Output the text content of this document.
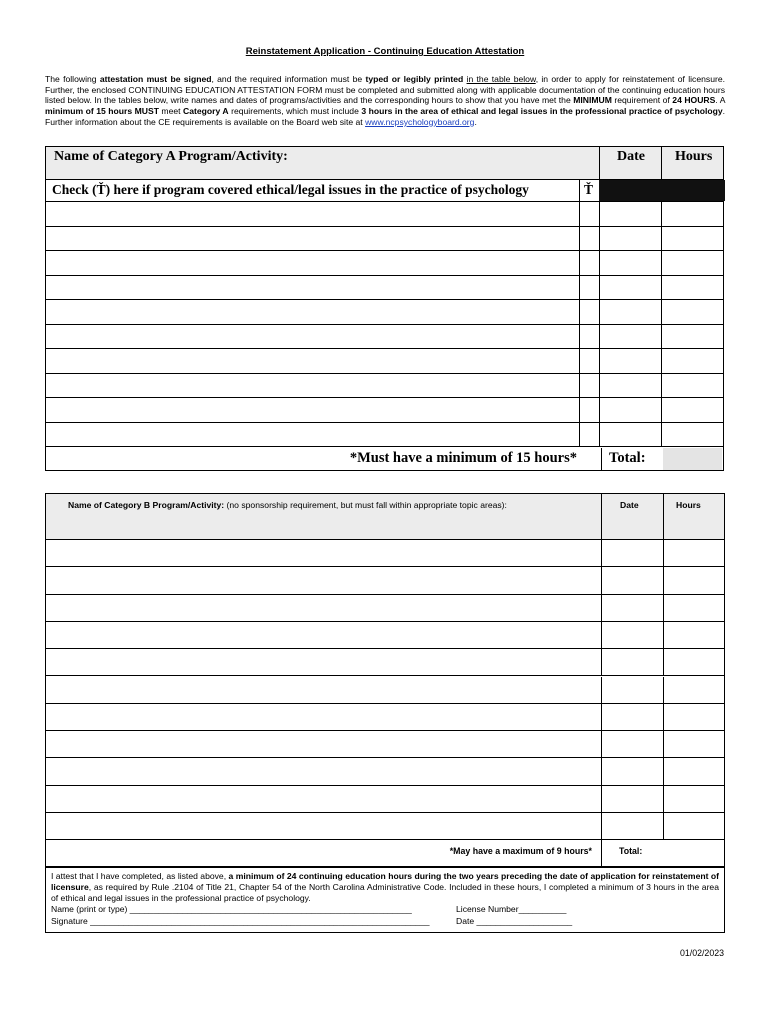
Reinstatement Application - Continuing Education Attestation
The following attestation must be signed, and the required information must be typed or legibly printed in the table below, in order to apply for reinstatement of licensure. Further, the enclosed CONTINUING EDUCATION ATTESTATION FORM must be completed and submitted along with applicable documentation of the continuing education hours listed below. In the tables below, write names and dates of programs/activities and the corresponding hours to show that you have met the MINIMUM requirement of 24 HOURS. A minimum of 15 hours MUST meet Category A requirements, which must include 3 hours in the area of ethical and legal issues in the professional practice of psychology. Further information about the CE requirements is available on the Board web site at www.ncpsychologyboard.org.
Name of Category A Program/Activity:	Date Hours
Check (Ť) here if program covered ethical/legal issues in the practice of psychology	Ť
*Must have a minimum of 15 hours* Total:
Name of Category B Program/Activity: (no sponsorship requirement, but must fall within appropriate topic areas):	Date	Hours
*May have a maximum of 9 hours*	Total:
I attest that I have completed, as listed above, a minimum of 24 continuing education hours during the two years preceding the date of application for reinstatement of licensure, as required by Rule .2104 of Title 21, Chapter 54 of the North Carolina Administrative Code. Included in these hours, I completed a minimum of 3 hours in the area of ethical and legal issues in the professional practice of psychology.
Name (print or type) ___________________________________________________________	License Number__________
Signature _______________________________________________________________________	Date ____________________
01/02/2023
